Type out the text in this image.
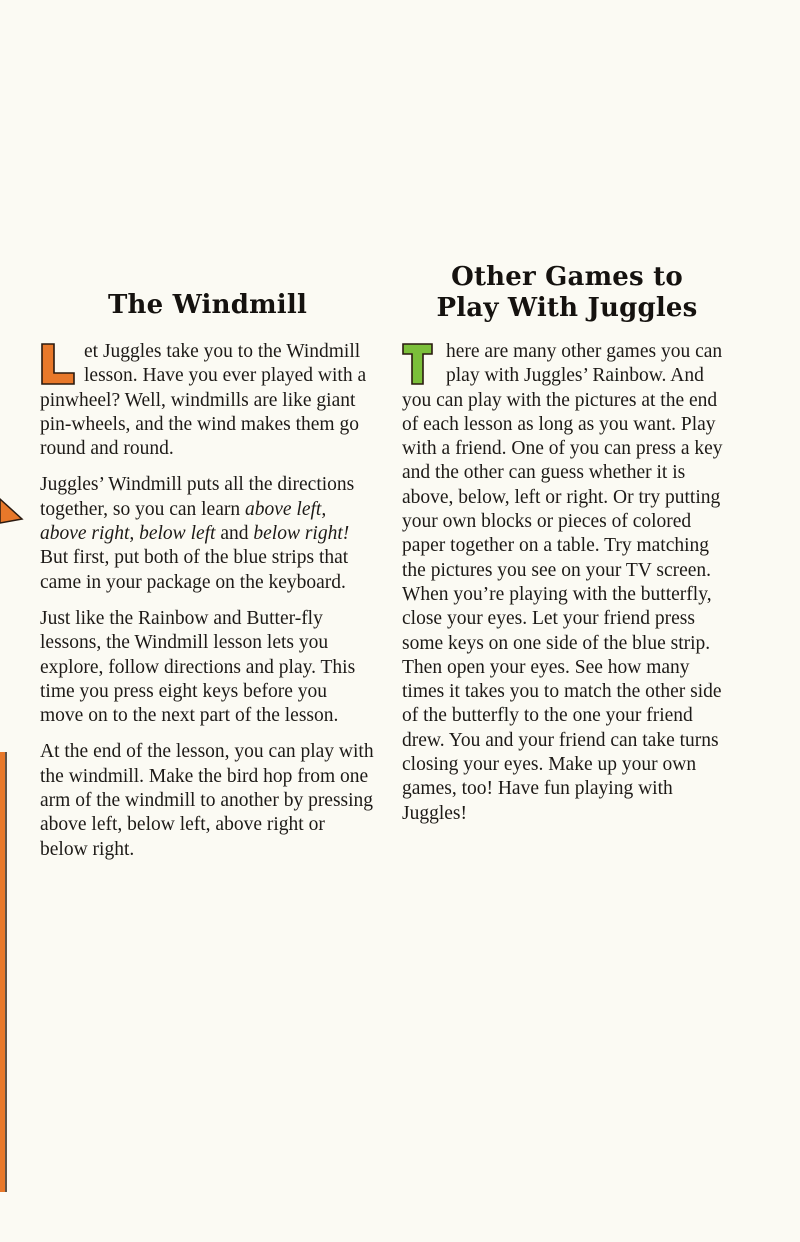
The Windmill

et Juggles take you to the Windmill lesson. Have you ever played with a pinwheel? Well, windmills are like giant pin-wheels, and the wind makes them go round and round.

Juggles’ Windmill puts all the directions together, so you can learn above left, above right, below left and below right! But first, put both of the blue strips that came in your package on the keyboard.

Just like the Rainbow and Butter-fly lessons, the Windmill lesson lets you explore, follow directions and play. This time you press eight keys before you move on to the next part of the lesson.

At the end of the lesson, you can play with the windmill. Make the bird hop from one arm of the windmill to another by pressing above left, below left, above right or below right.

Other Games to
Play With Juggles

here are many other games you can play with Juggles’ Rainbow. And you can play with the pictures at the end of each lesson as long as you want. Play with a friend. One of you can press a key and the other can guess whether it is above, below, left or right. Or try putting your own blocks or pieces of colored paper together on a table. Try matching the pictures you see on your TV screen. When you’re playing with the butterfly, close your eyes. Let your friend press some keys on one side of the blue strip. Then open your eyes. See how many times it takes you to match the other side of the butterfly to the one your friend drew. You and your friend can take turns closing your eyes. Make up your own games, too! Have fun playing with Juggles!
